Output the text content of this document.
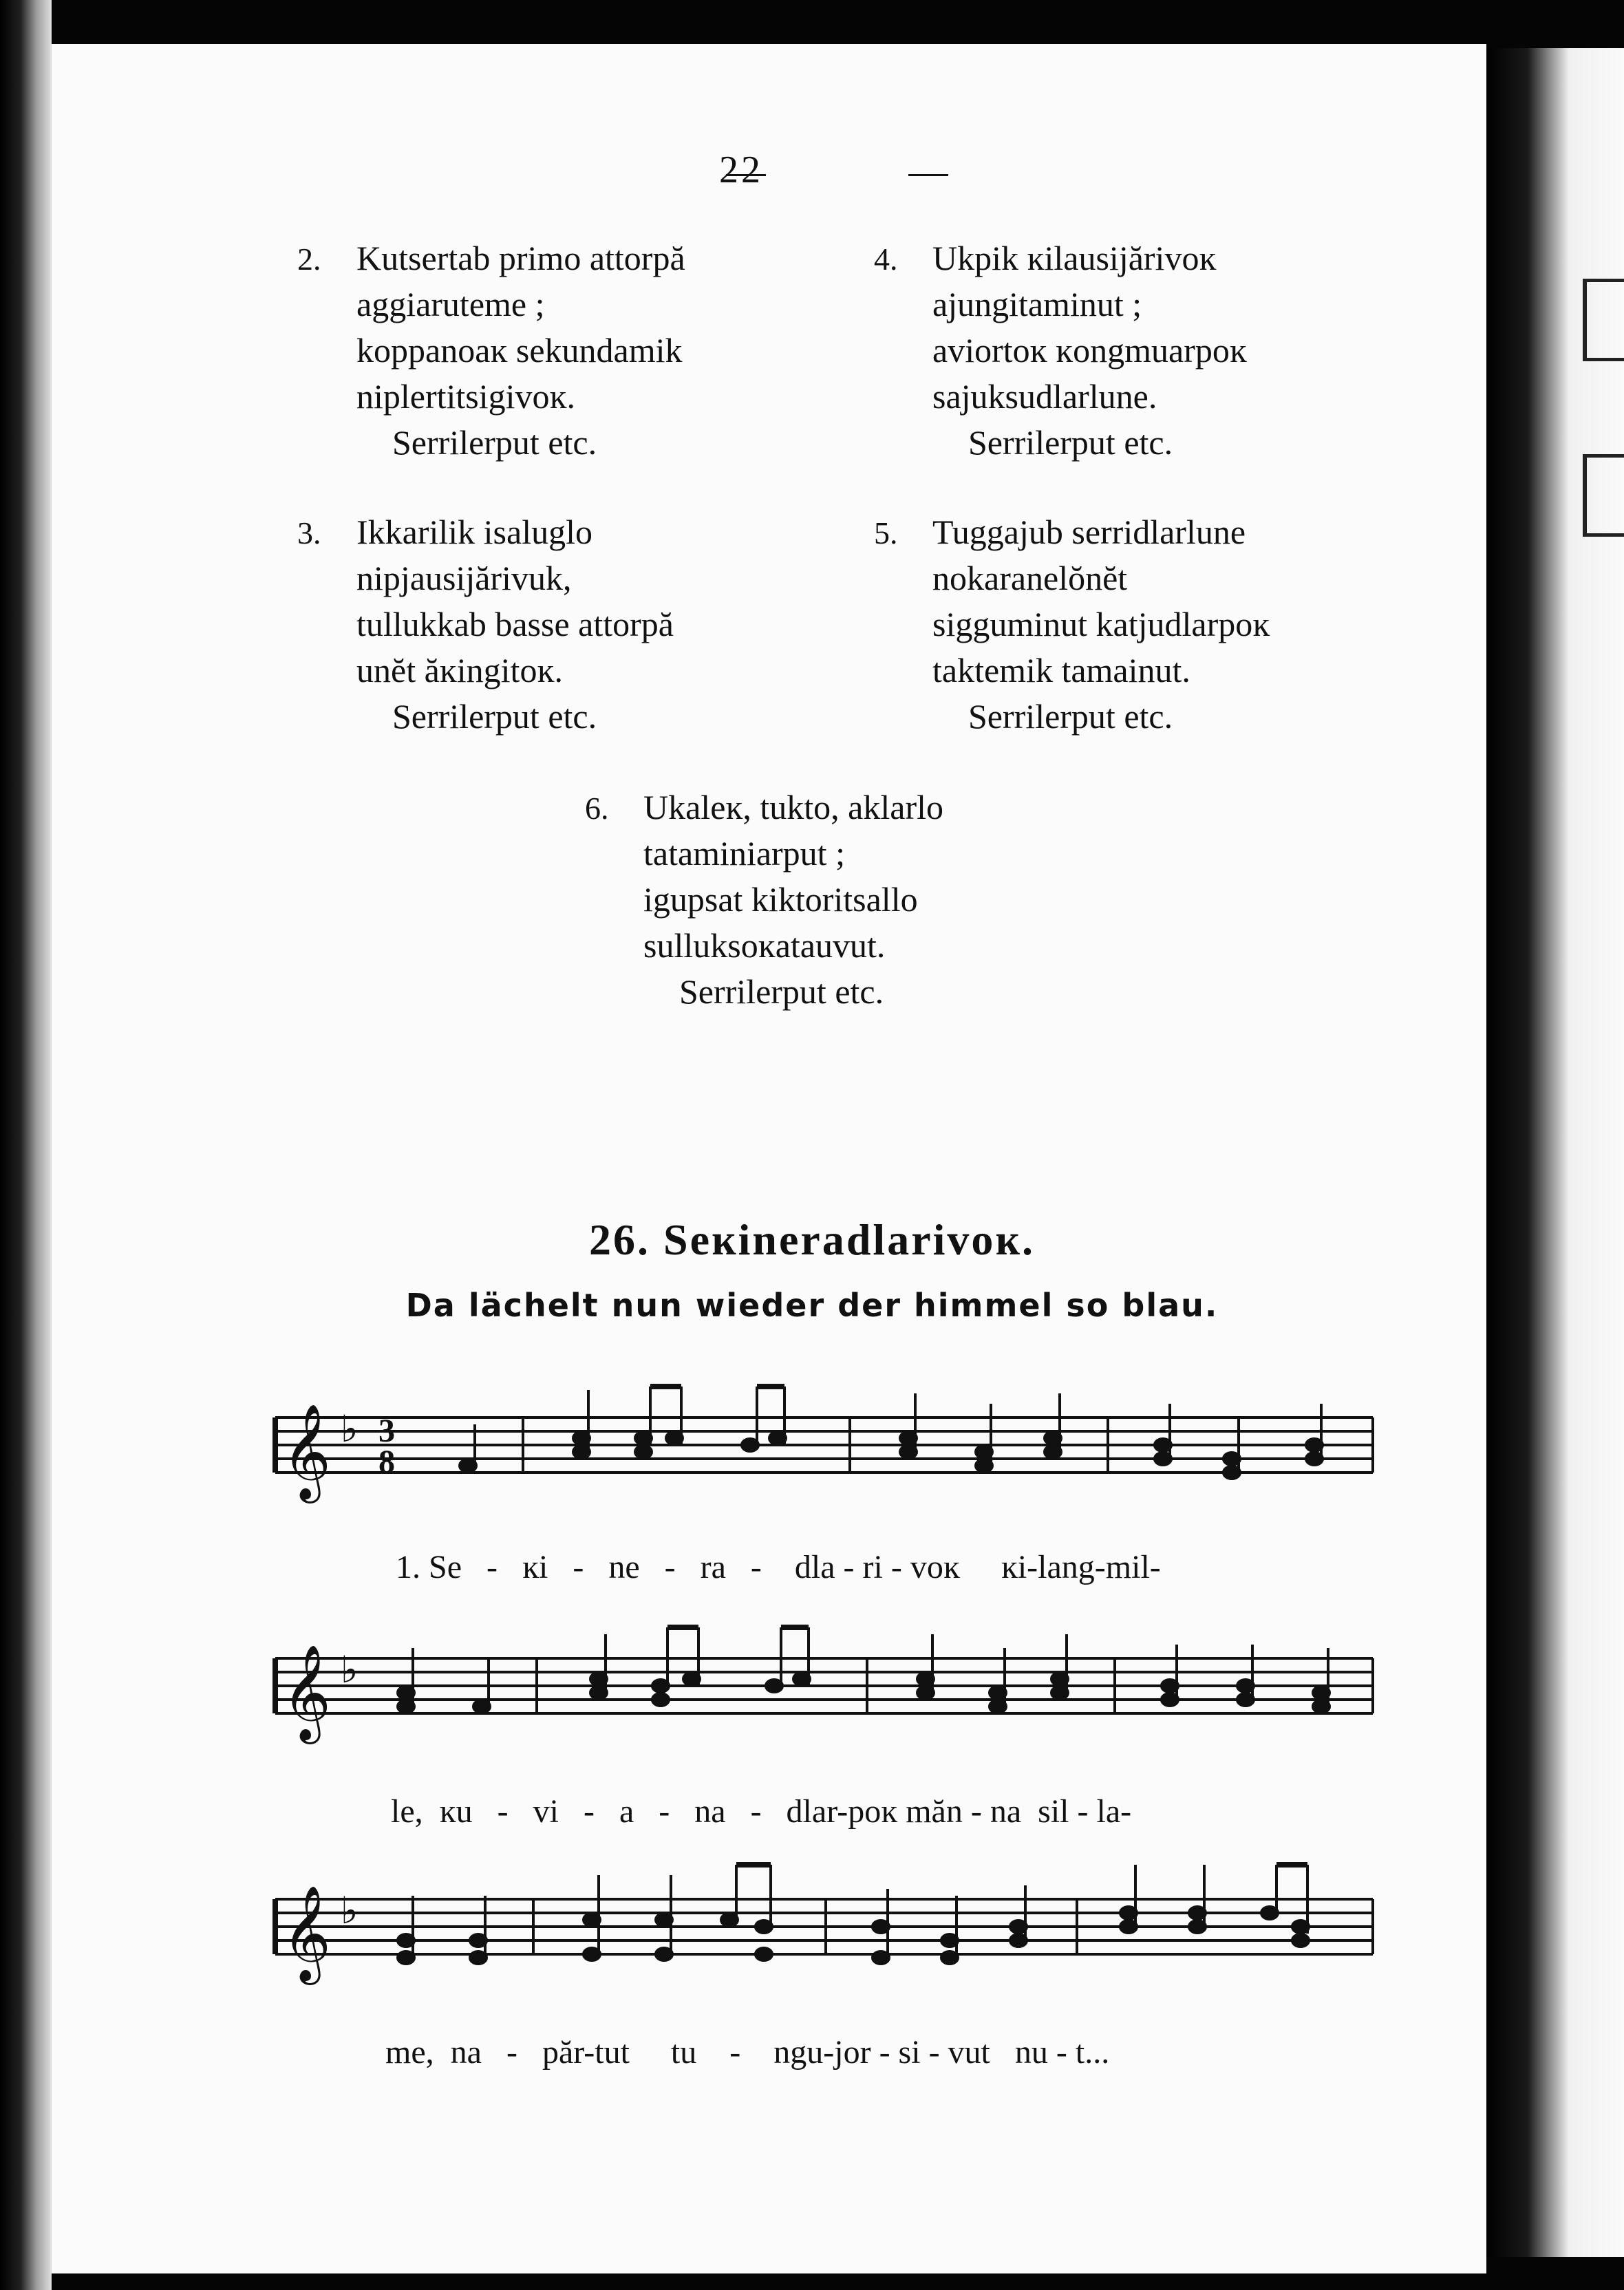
22
2. Kutsertab primo attorpă
aggiaruteme ;
koppanoaĸ sekundamik
niplertitsigivoĸ.
Serrilerput etc.
3. Ikkarilik isaluglo
nipjausijărivuk,
tullukkab basse attorpă
unĕt ăĸingitoĸ.
Serrilerput etc.
4. Ukpik ĸilausijărivoĸ
ajungitaminut ;
aviortoĸ ĸongmuarpoĸ
sajuksudlarlune.
Serrilerput etc.
5. Tuggajub serridlarlune
nokaranelŏnĕt
sigguminut katjudlarpoĸ
taktemik tamainut.
Serrilerput etc.
6. Ukaleĸ, tukto, aklarlo
tataminiarput ;
igupsat kiktoritsallo
sulluksoĸatauvut.
Serrilerput etc.
26. Seĸineradlarivoĸ.
Da lächelt nun wieder der himmel so blau.
𝄞 ♭ 3
8
1. Se - ĸi - ne - ra - dla - ri - voĸ ĸi-lang-mil-
𝄞 ♭
le, ĸu - vi - a - na - dlar-poĸ măn - na sil - la-
𝄞 ♭
me, na - păr-tut tu - ngu-jor - si - vut nu - t...
